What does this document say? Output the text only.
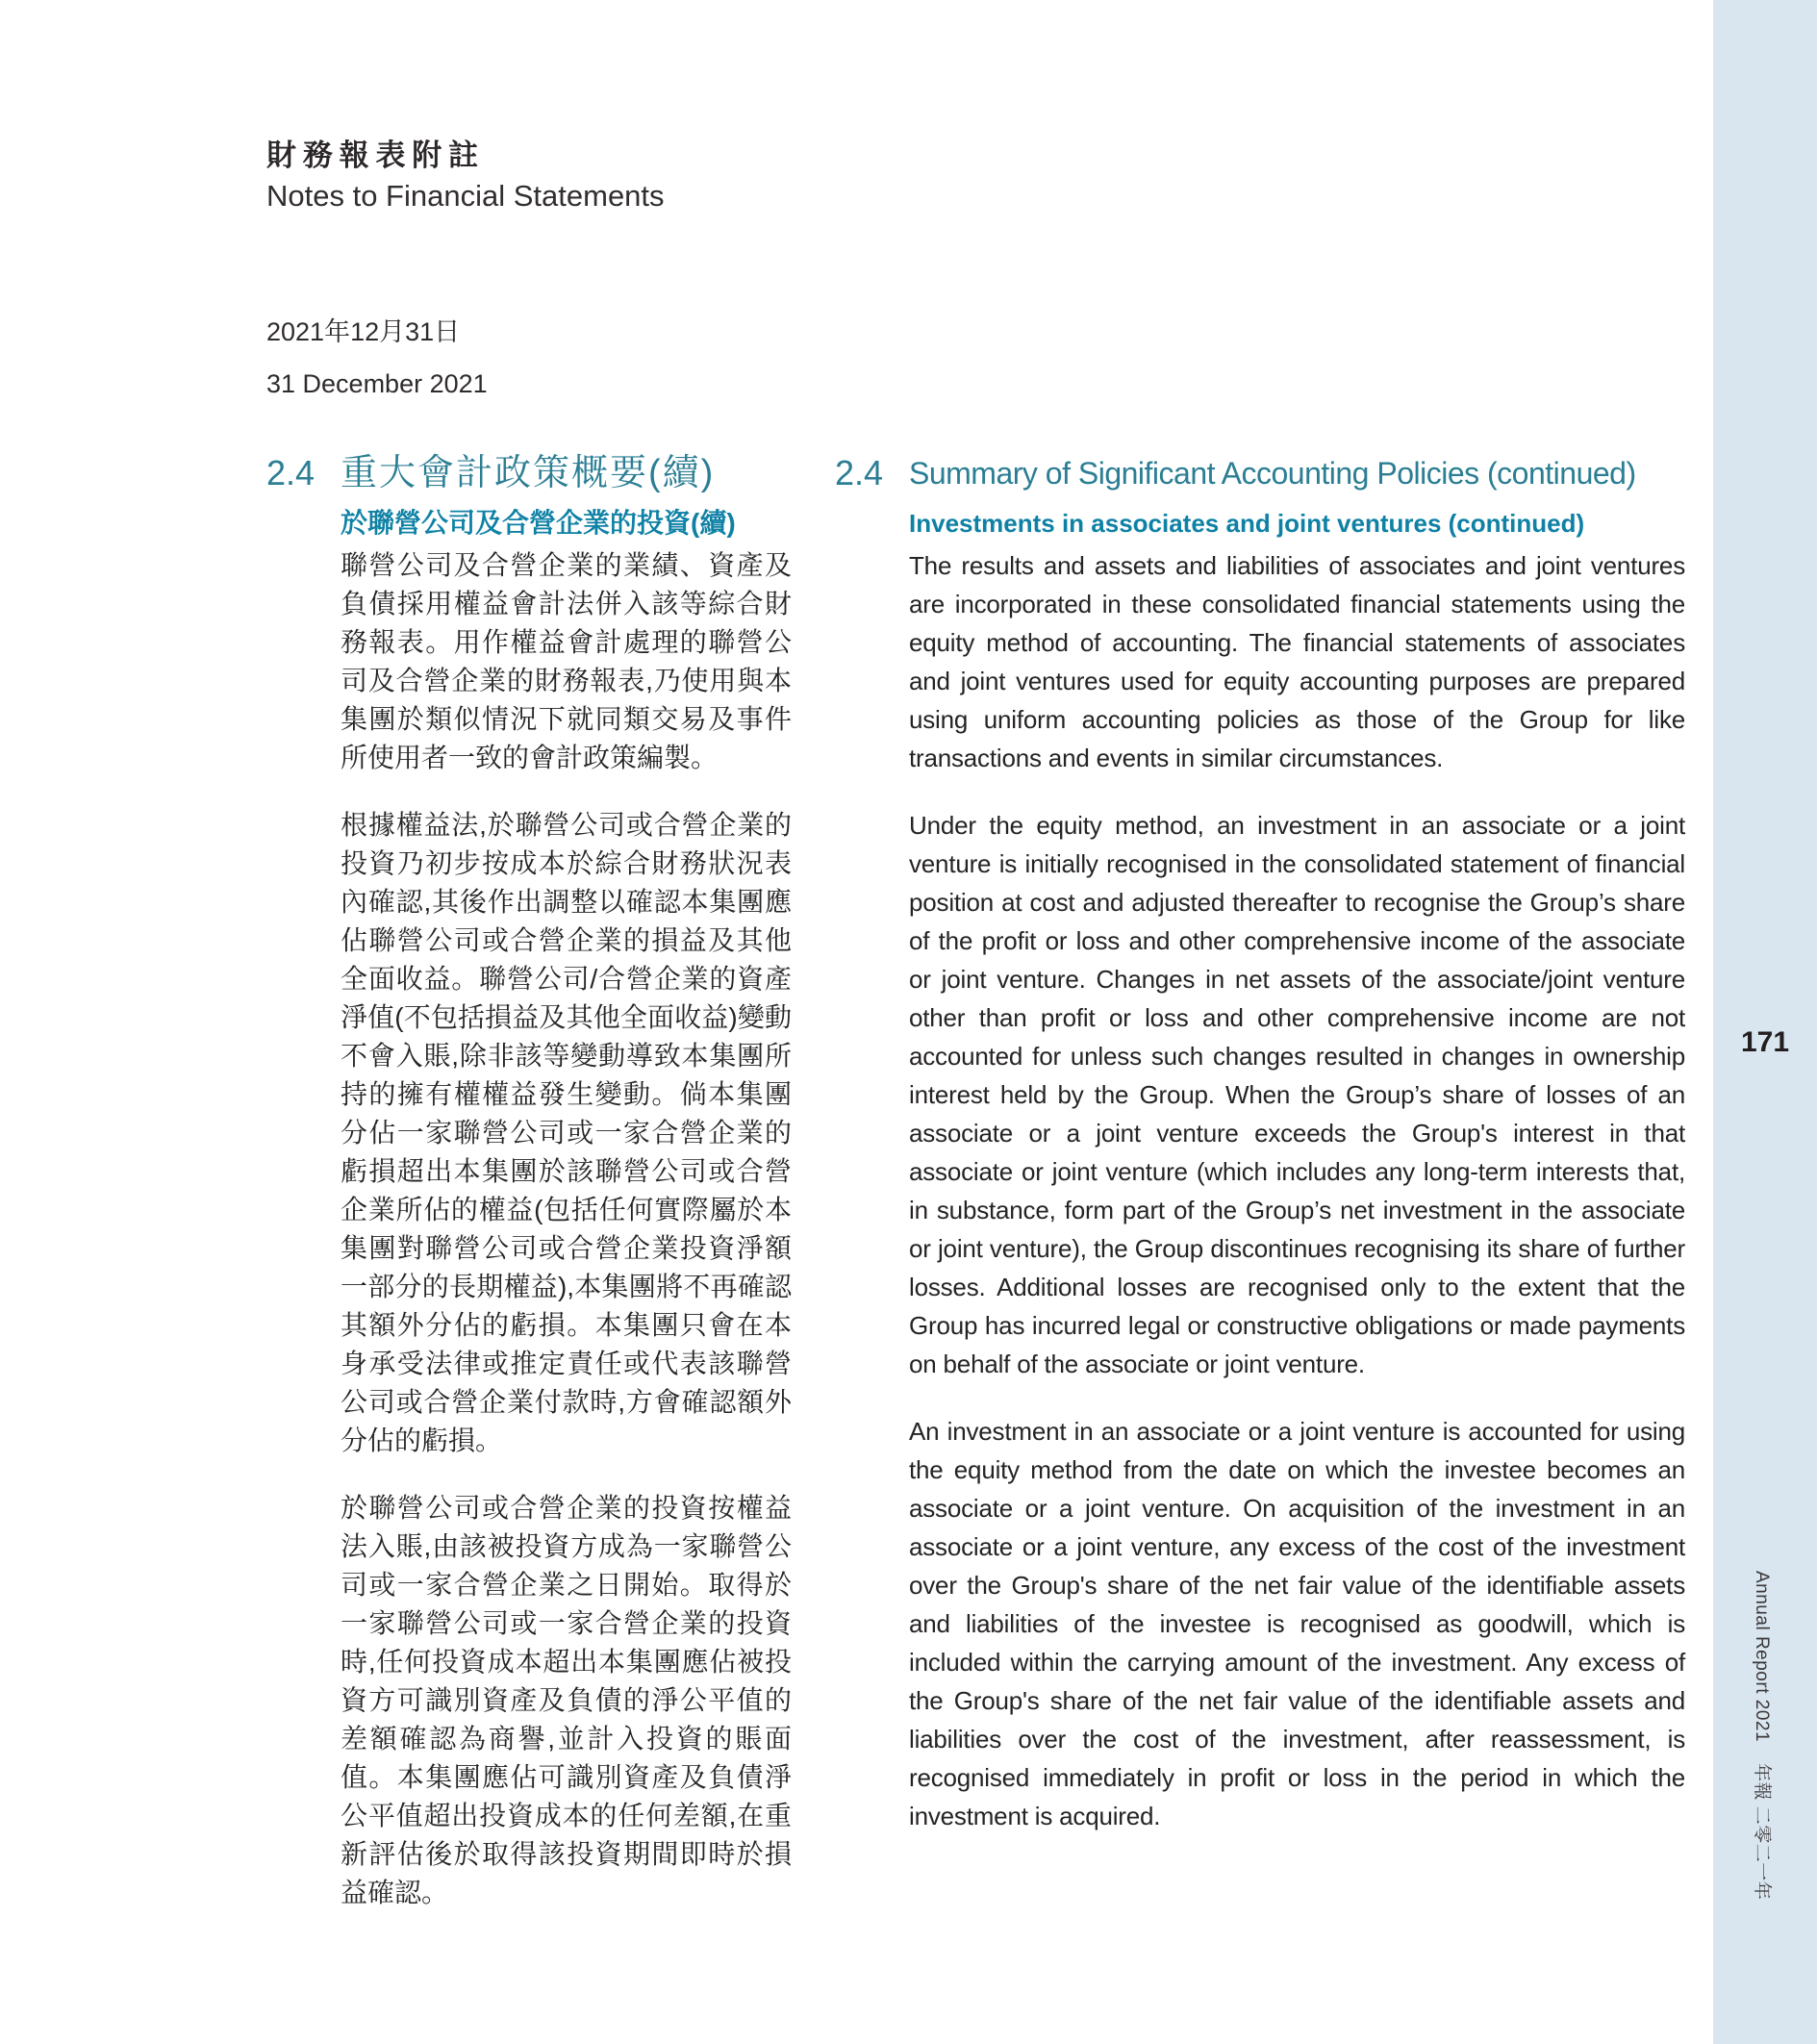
財務報表附註
Notes to Financial Statements
2021年12月31日
31 December 2021
2.4 重大會計政策概要(續)
於聯營公司及合營企業的投資(續)
聯營公司及合營企業的業績、資產及負債採用權益會計法併入該等綜合財務報表。用作權益會計處理的聯營公司及合營企業的財務報表,乃使用與本集團於類似情況下就同類交易及事件所使用者一致的會計政策編製。
根據權益法,於聯營公司或合營企業的投資乃初步按成本於綜合財務狀況表內確認,其後作出調整以確認本集團應佔聯營公司或合營企業的損益及其他全面收益。聯營公司/合營企業的資產淨值(不包括損益及其他全面收益)變動不會入賬,除非該等變動導致本集團所持的擁有權權益發生變動。倘本集團分佔一家聯營公司或一家合營企業的虧損超出本集團於該聯營公司或合營企業所佔的權益(包括任何實際屬於本集團對聯營公司或合營企業投資淨額一部分的長期權益),本集團將不再確認其額外分佔的虧損。本集團只會在本身承受法律或推定責任或代表該聯營公司或合營企業付款時,方會確認額外分佔的虧損。
於聯營公司或合營企業的投資按權益法入賬,由該被投資方成為一家聯營公司或一家合營企業之日開始。取得於一家聯營公司或一家合營企業的投資時,任何投資成本超出本集團應佔被投資方可識別資產及負債的淨公平值的差額確認為商譽,並計入投資的賬面值。本集團應佔可識別資產及負債淨公平值超出投資成本的任何差額,在重新評估後於取得該投資期間即時於損益確認。
2.4 Summary of Significant Accounting Policies (continued)
Investments in associates and joint ventures (continued)
The results and assets and liabilities of associates and joint ventures are incorporated in these consolidated financial statements using the equity method of accounting. The financial statements of associates and joint ventures used for equity accounting purposes are prepared using uniform accounting policies as those of the Group for like transactions and events in similar circumstances.
Under the equity method, an investment in an associate or a joint venture is initially recognised in the consolidated statement of financial position at cost and adjusted thereafter to recognise the Group’s share of the profit or loss and other comprehensive income of the associate or joint venture. Changes in net assets of the associate/joint venture other than profit or loss and other comprehensive income are not accounted for unless such changes resulted in changes in ownership interest held by the Group. When the Group’s share of losses of an associate or a joint venture exceeds the Group's interest in that associate or joint venture (which includes any long-term interests that, in substance, form part of the Group’s net investment in the associate or joint venture), the Group discontinues recognising its share of further losses. Additional losses are recognised only to the extent that the Group has incurred legal or constructive obligations or made payments on behalf of the associate or joint venture.
An investment in an associate or a joint venture is accounted for using the equity method from the date on which the investee becomes an associate or a joint venture. On acquisition of the investment in an associate or a joint venture, any excess of the cost of the investment over the Group's share of the net fair value of the identifiable assets and liabilities of the investee is recognised as goodwill, which is included within the carrying amount of the investment. Any excess of the Group's share of the net fair value of the identifiable assets and liabilities over the cost of the investment, after reassessment, is recognised immediately in profit or loss in the period in which the investment is acquired.
171
Annual Report 2021年報 二零二一年
